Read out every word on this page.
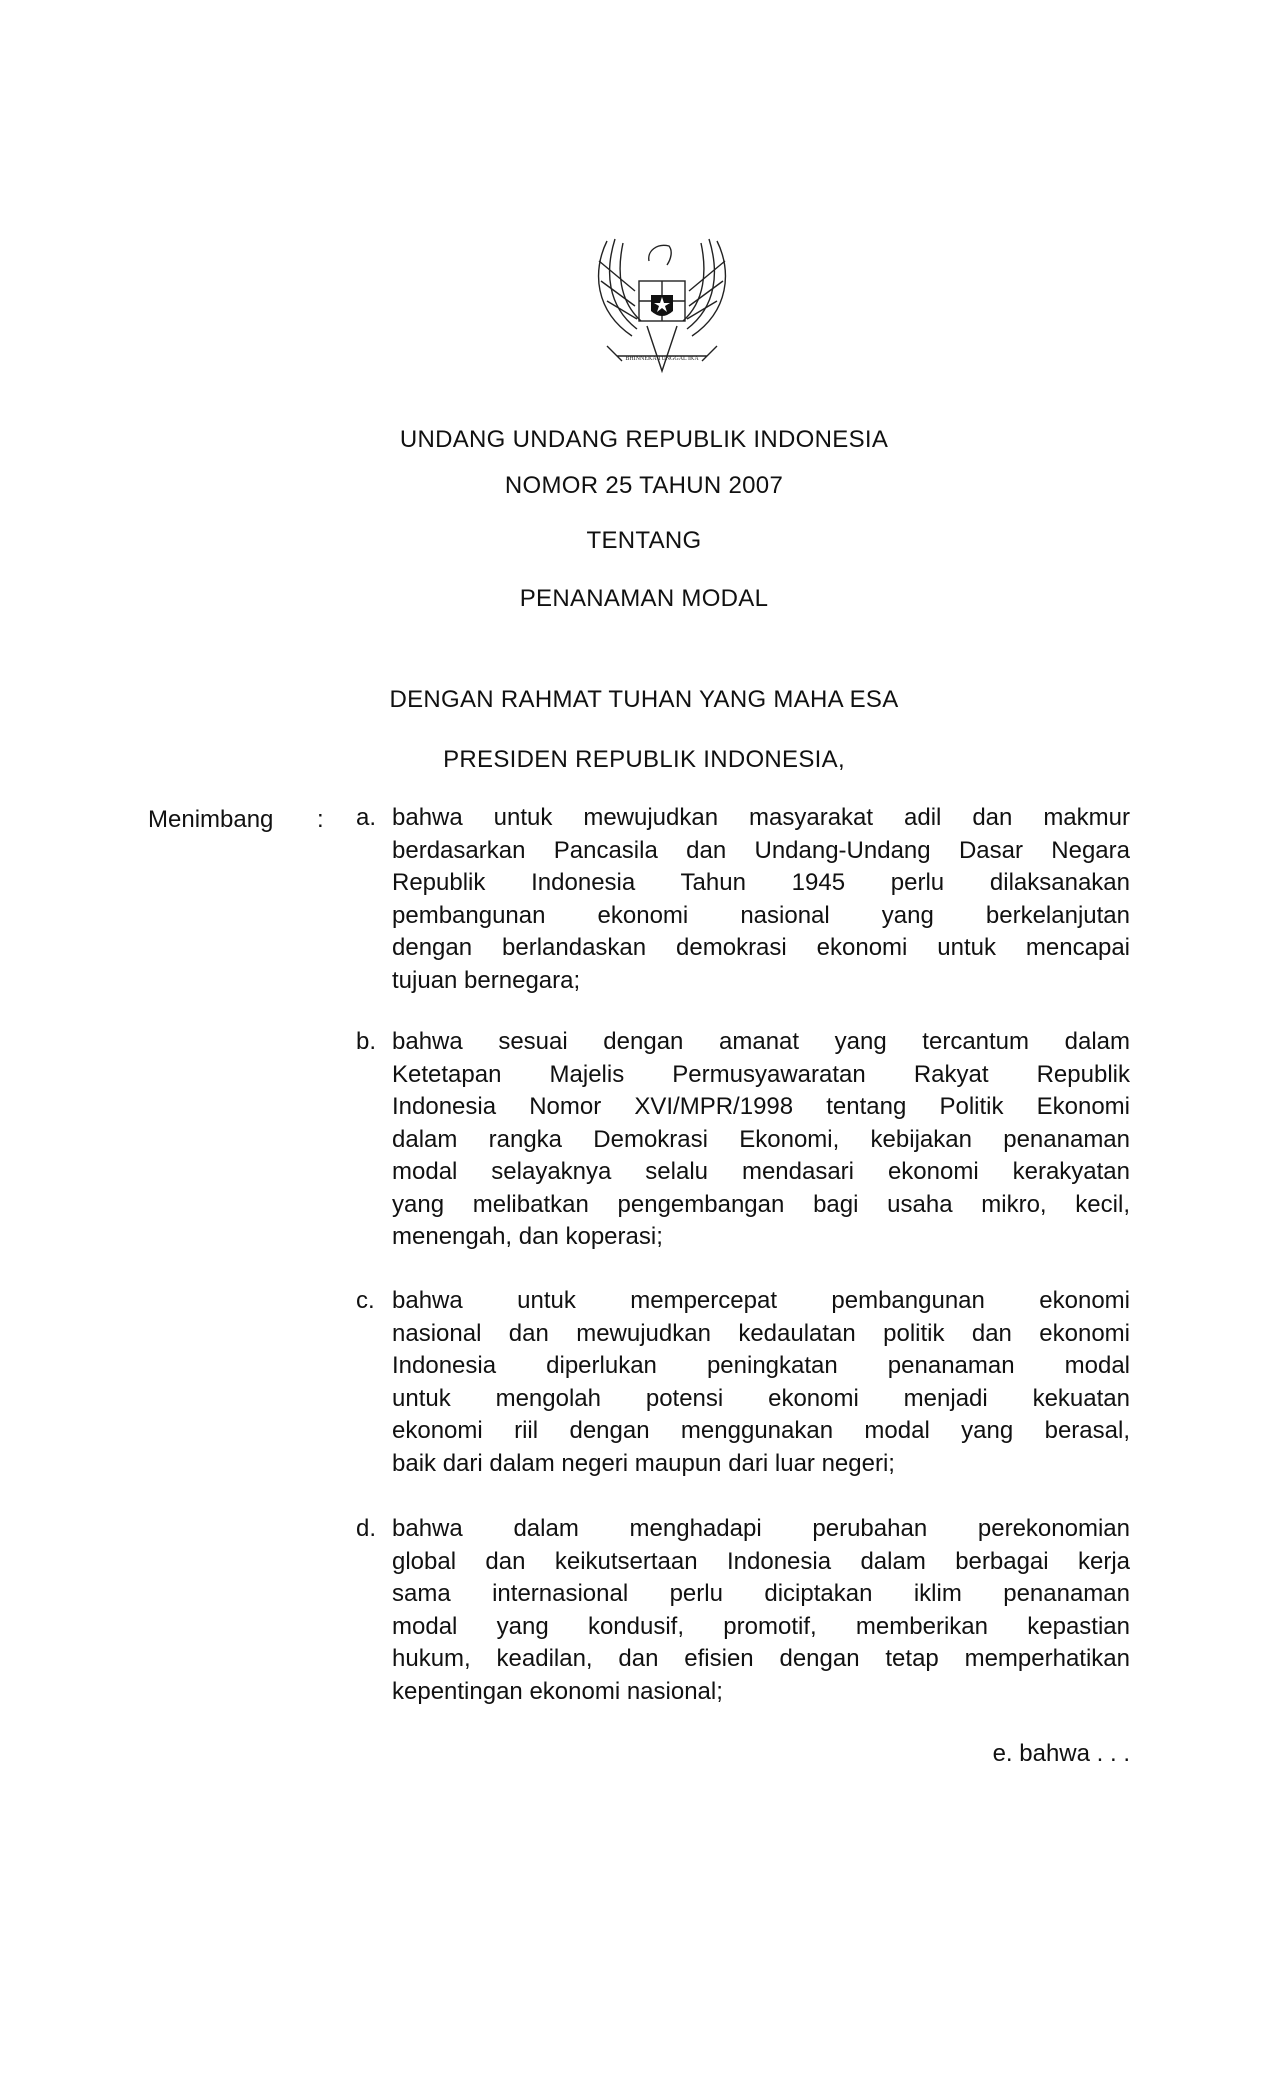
BHINNEKA TUNGGAL IKA
UNDANG UNDANG REPUBLIK INDONESIA
NOMOR 25 TAHUN 2007
TENTANG
PENANAMAN MODAL
DENGAN RAHMAT TUHAN YANG MAHA ESA
PRESIDEN REPUBLIK INDONESIA,
Menimbang : a. bahwa untuk mewujudkan masyarakat adil dan makmur
berdasarkan Pancasila dan Undang-Undang Dasar Negara
Republik Indonesia Tahun 1945 perlu dilaksanakan
pembangunan ekonomi nasional yang berkelanjutan
dengan berlandaskan demokrasi ekonomi untuk mencapai
tujuan bernegara;
b. bahwa sesuai dengan amanat yang tercantum dalam
Ketetapan Majelis Permusyawaratan Rakyat Republik
Indonesia Nomor XVI/MPR/1998 tentang Politik Ekonomi
dalam rangka Demokrasi Ekonomi, kebijakan penanaman
modal selayaknya selalu mendasari ekonomi kerakyatan
yang melibatkan pengembangan bagi usaha mikro, kecil,
menengah, dan koperasi;
c. bahwa untuk mempercepat pembangunan ekonomi
nasional dan mewujudkan kedaulatan politik dan ekonomi
Indonesia diperlukan peningkatan penanaman modal
untuk mengolah potensi ekonomi menjadi kekuatan
ekonomi riil dengan menggunakan modal yang berasal,
baik dari dalam negeri maupun dari luar negeri;
d. bahwa dalam menghadapi perubahan perekonomian
global dan keikutsertaan Indonesia dalam berbagai kerja
sama internasional perlu diciptakan iklim penanaman
modal yang kondusif, promotif, memberikan kepastian
hukum, keadilan, dan efisien dengan tetap memperhatikan
kepentingan ekonomi nasional;
e. bahwa . . .
